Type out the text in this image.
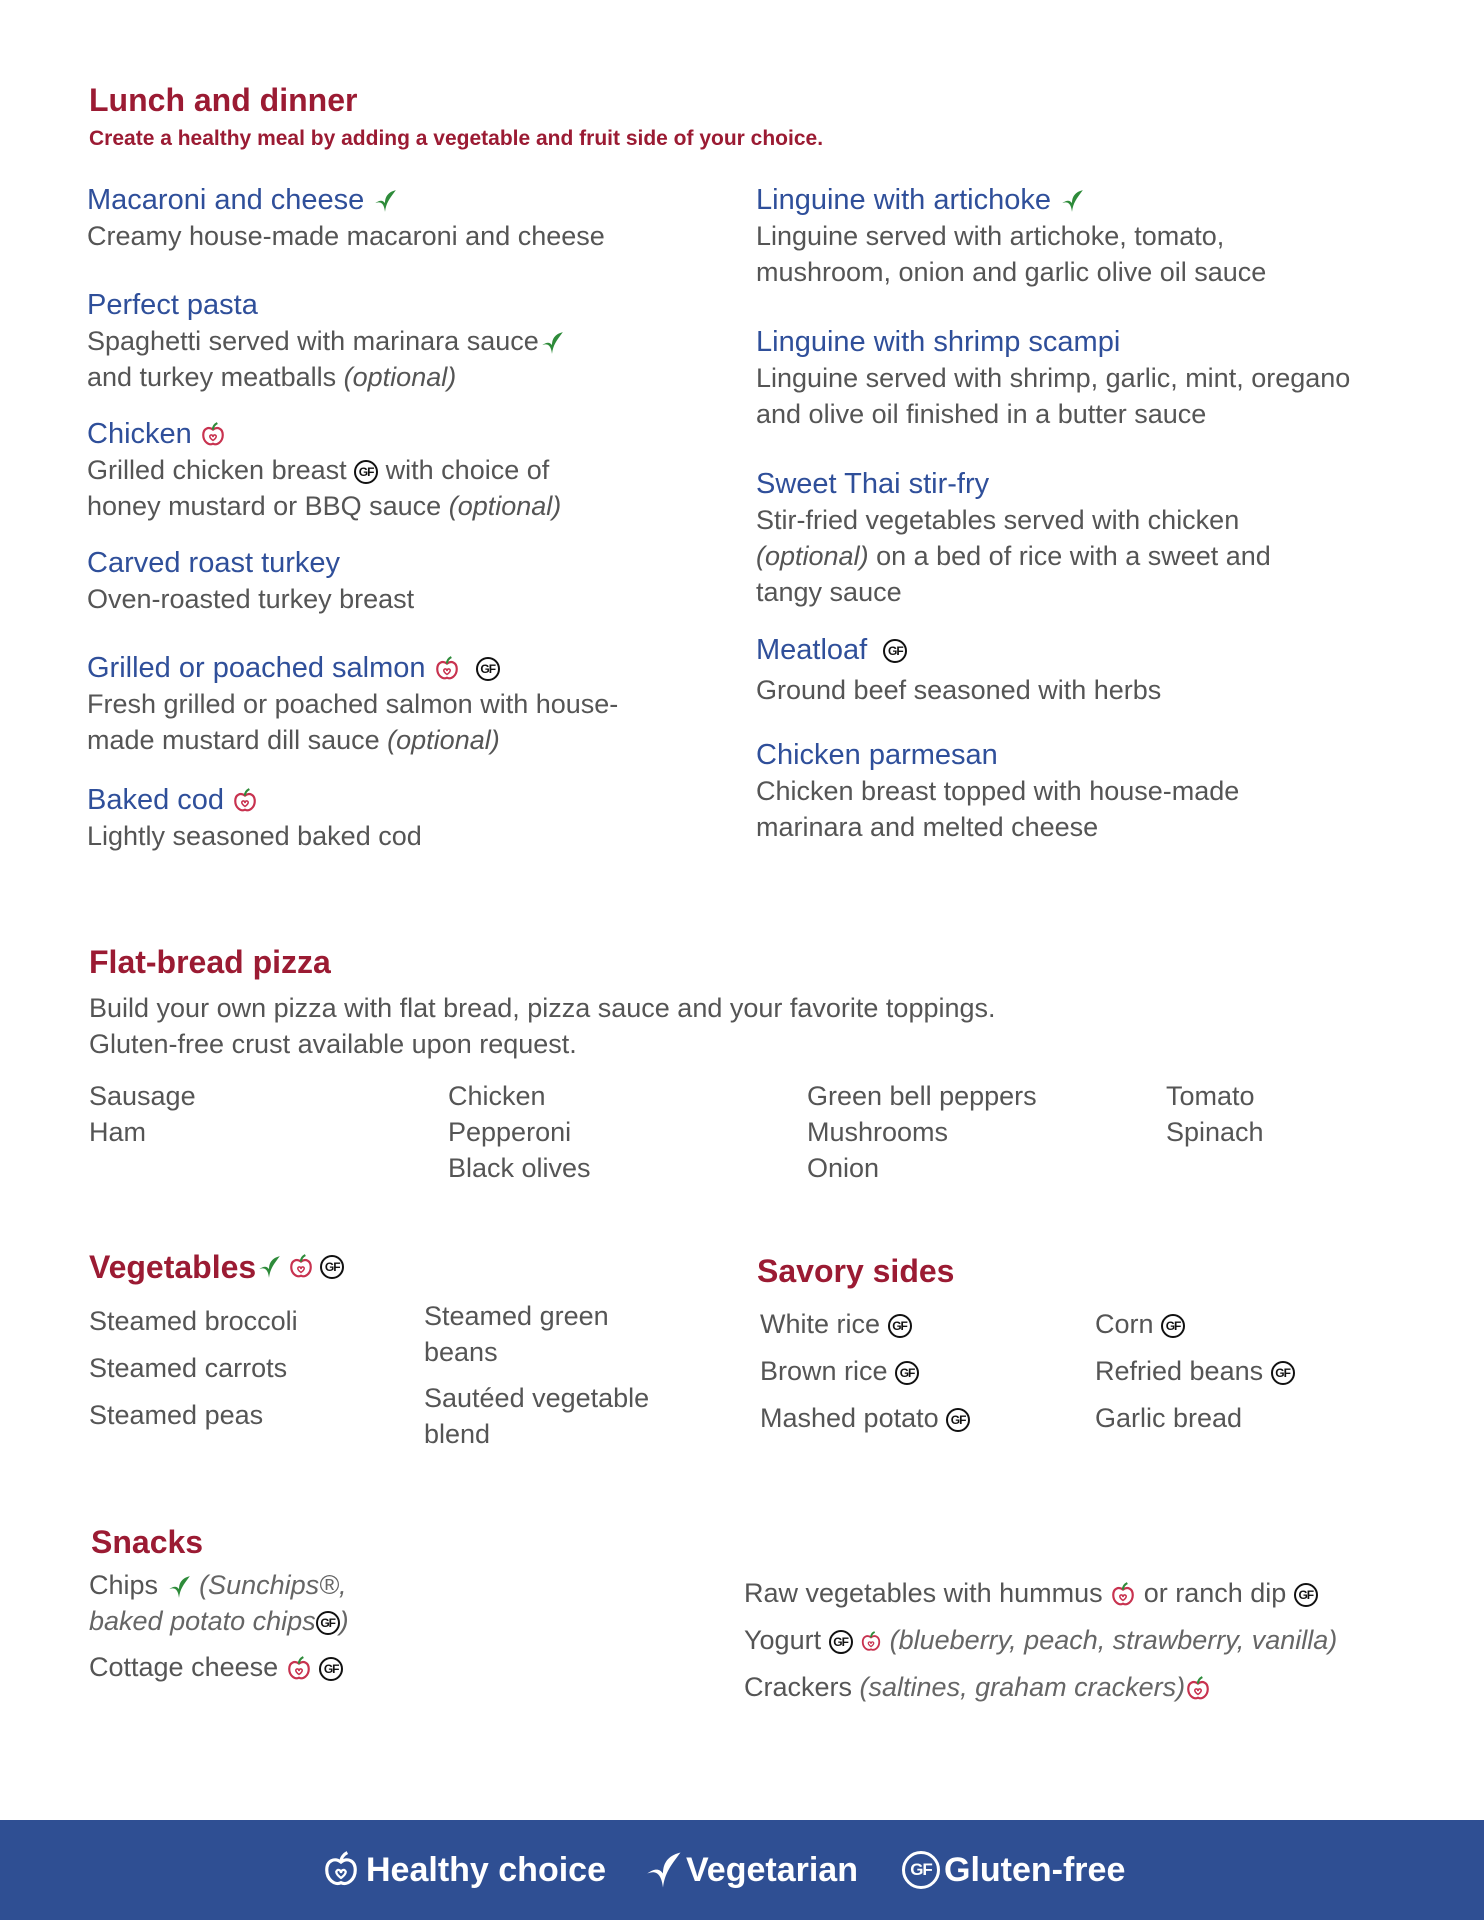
Lunch and dinner

Create a healthy meal by adding a vegetable and fruit side of your choice.

Macaroni and cheese
Creamy house-made macaroni and cheese
Perfect pasta
Spaghetti served with marinara sauce
and turkey meatballs (optional)
Chicken
Grilled chicken breast GF with choice of
honey mustard or BBQ sauce (optional)
Carved roast turkey
Oven-roasted turkey breast
Grilled or poached salmon	GF
Fresh grilled or poached salmon with house-
made mustard dill sauce (optional)
Baked cod
Lightly seasoned baked cod
Linguine with artichoke
Linguine served with artichoke, tomato,
mushroom, onion and garlic olive oil sauce
Linguine with shrimp scampi
Linguine served with shrimp, garlic, mint, oregano
and olive oil finished in a butter sauce
Sweet Thai stir-fry
Stir-fried vegetables served with chicken
(optional) on a bed of rice with a sweet and
tangy sauce
Meatloaf GF
Ground beef seasoned with herbs
Chicken parmesan
Chicken breast topped with house-made
marinara and melted cheese
Flat-bread pizza
Build your own pizza with flat bread, pizza sauce and your favorite toppings.
Gluten-free crust available upon request.
Sausage
Ham
Chicken
Pepperoni
Black olives
Green bell peppers
Mushrooms
Onion
Tomato
Spinach
Vegetables	GF
Steamed broccoli
Steamed carrots
Steamed peas
Steamed green
beans
Sautéed vegetable
blend
Savory sides
White rice GF
Brown rice GF
Mashed potato GF
Corn GF
Refried beans GF
Garlic bread
Snacks
Chips (Sunchips®,
baked potato chips GF )
Cottage cheese	GF
Raw vegetables with hummus or ranch dip GF
Yogurt GF (blueberry, peach, strawberry, vanilla)
Crackers (saltines, graham crackers)
Healthy choice Vegetarian	GF Gluten-free
